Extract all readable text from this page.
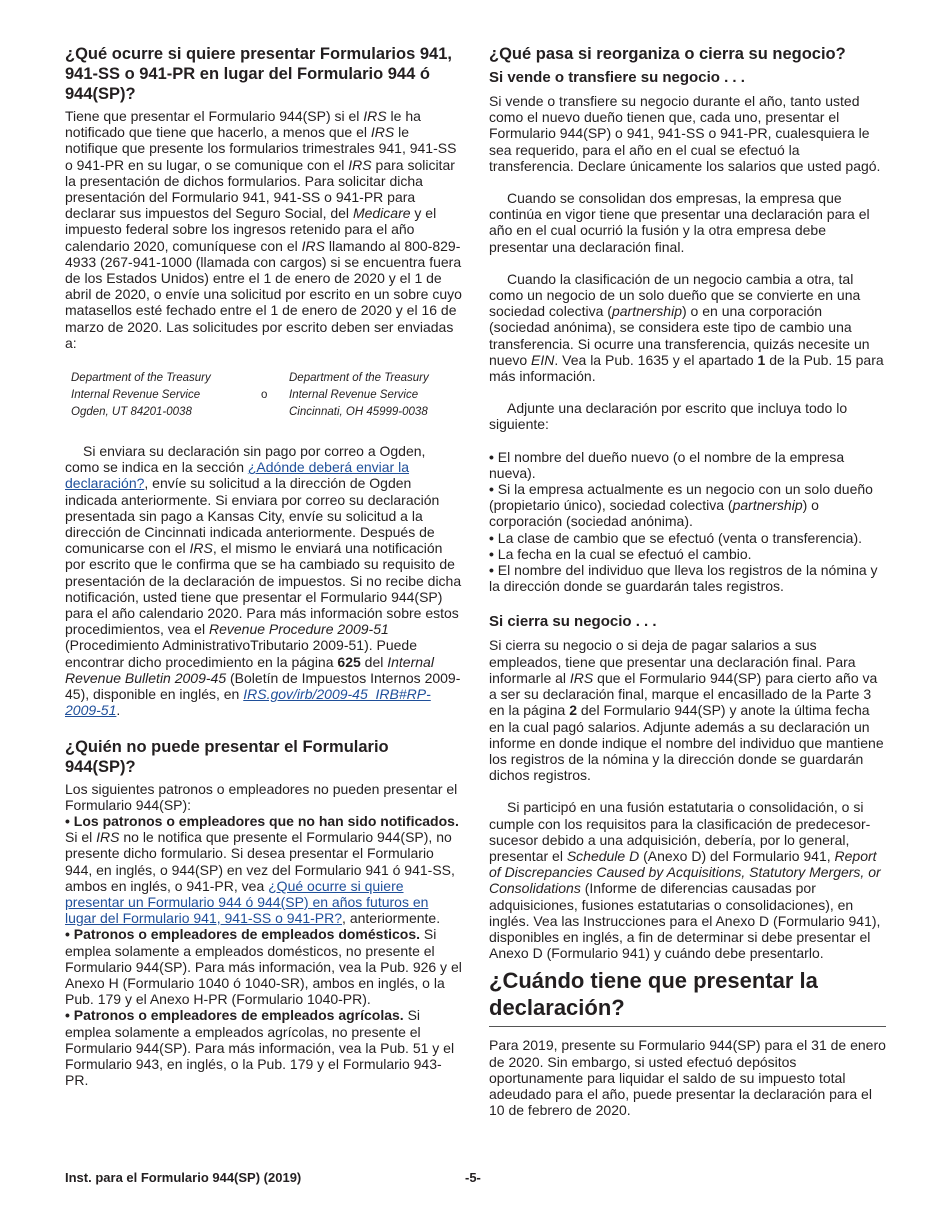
¿Qué ocurre si quiere presentar Formularios 941, 941-SS o 941-PR en lugar del Formulario 944 ó 944(SP)?

Tiene que presentar el Formulario 944(SP) si el IRS le ha notificado que tiene que hacerlo, a menos que el IRS le notifique que presente los formularios trimestrales 941, 941-SS o 941-PR en su lugar, o se comunique con el IRS para solicitar la presentación de dichos formularios. Para solicitar dicha presentación del Formulario 941, 941-SS o 941-PR para declarar sus impuestos del Seguro Social, del Medicare y el impuesto federal sobre los ingresos retenido para el año calendario 2020, comuníquese con el IRS llamando al 800-829-4933 (267-941-1000 (llamada con cargos) si se encuentra fuera de los Estados Unidos) entre el 1 de enero de 2020 y el 1 de abril de 2020, o envíe una solicitud por escrito en un sobre cuyo matasellos esté fechado entre el 1 de enero de 2020 y el 16 de marzo de 2020. Las solicitudes por escrito deben ser enviadas a:

Department of the Treasury
Internal Revenue Service
Ogden, UT 84201-0038
o
Department of the Treasury
Internal Revenue Service
Cincinnati, OH 45999-0038

Si enviara su declaración sin pago por correo a Ogden, como se indica en la sección ¿Adónde deberá enviar la declaración?, envíe su solicitud a la dirección de Ogden indicada anteriormente. Si enviara por correo su declaración presentada sin pago a Kansas City, envíe su solicitud a la dirección de Cincinnati indicada anteriormente. Después de comunicarse con el IRS, el mismo le enviará una notificación por escrito que le confirma que se ha cambiado su requisito de presentación de la declaración de impuestos. Si no recibe dicha notificación, usted tiene que presentar el Formulario 944(SP) para el año calendario 2020. Para más información sobre estos procedimientos, vea el Revenue Procedure 2009-51 (Procedimiento AdministrativoTributario 2009-51). Puede encontrar dicho procedimiento en la página 625 del Internal Revenue Bulletin 2009-45 (Boletín de Impuestos Internos 2009-45), disponible en inglés, en IRS.gov/irb/2009-45_IRB#RP-2009-51.

¿Quién no puede presentar el Formulario 944(SP)?

Los siguientes patronos o empleadores no pueden presentar el Formulario 944(SP):

• Los patronos o empleadores que no han sido notificados. Si el IRS no le notifica que presente el Formulario 944(SP), no presente dicho formulario. Si desea presentar el Formulario 944, en inglés, o 944(SP) en vez del Formulario 941 ó 941-SS, ambos en inglés, o 941-PR, vea ¿Qué ocurre si quiere presentar un Formulario 944 ó 944(SP) en años futuros en lugar del Formulario 941, 941-SS o 941-PR?, anteriormente.

• Patronos o empleadores de empleados domésticos. Si emplea solamente a empleados domésticos, no presente el Formulario 944(SP). Para más información, vea la Pub. 926 y el Anexo H (Formulario 1040 ó 1040-SR), ambos en inglés, o la Pub. 179 y el Anexo H-PR (Formulario 1040-PR).

• Patronos o empleadores de empleados agrícolas. Si emplea solamente a empleados agrícolas, no presente el Formulario 944(SP). Para más información, vea la Pub. 51 y el Formulario 943, en inglés, o la Pub. 179 y el Formulario 943-PR.

¿Qué pasa si reorganiza o cierra su negocio?
Si vende o transfiere su negocio . . .

Si vende o transfiere su negocio durante el año, tanto usted como el nuevo dueño tienen que, cada uno, presentar el Formulario 944(SP) o 941, 941-SS o 941-PR, cualesquiera le sea requerido, para el año en el cual se efectuó la transferencia. Declare únicamente los salarios que usted pagó.

Cuando se consolidan dos empresas, la empresa que continúa en vigor tiene que presentar una declaración para el año en el cual ocurrió la fusión y la otra empresa debe presentar una declaración final.

Cuando la clasificación de un negocio cambia a otra, tal como un negocio de un solo dueño que se convierte en una sociedad colectiva (partnership) o en una corporación (sociedad anónima), se considera este tipo de cambio una transferencia. Si ocurre una transferencia, quizás necesite un nuevo EIN. Vea la Pub. 1635 y el apartado 1 de la Pub. 15 para más información.

Adjunte una declaración por escrito que incluya todo lo siguiente:

• El nombre del dueño nuevo (o el nombre de la empresa nueva).

• Si la empresa actualmente es un negocio con un solo dueño (propietario único), sociedad colectiva (partnership) o corporación (sociedad anónima).

• La clase de cambio que se efectuó (venta o transferencia).

• La fecha en la cual se efectuó el cambio.

• El nombre del individuo que lleva los registros de la nómina y la dirección donde se guardarán tales registros.

Si cierra su negocio . . .

Si cierra su negocio o si deja de pagar salarios a sus empleados, tiene que presentar una declaración final. Para informarle al IRS que el Formulario 944(SP) para cierto año va a ser su declaración final, marque el encasillado de la Parte 3 en la página 2 del Formulario 944(SP) y anote la última fecha en la cual pagó salarios. Adjunte además a su declaración un informe en donde indique el nombre del individuo que mantiene los registros de la nómina y la dirección donde se guardarán dichos registros.

Si participó en una fusión estatutaria o consolidación, o si cumple con los requisitos para la clasificación de predecesor-sucesor debido a una adquisición, debería, por lo general, presentar el Schedule D (Anexo D) del Formulario 941, Report of Discrepancies Caused by Acquisitions, Statutory Mergers, or Consolidations (Informe de diferencias causadas por adquisiciones, fusiones estatutarias o consolidaciones), en inglés. Vea las Instrucciones para el Anexo D (Formulario 941), disponibles en inglés, a fin de determinar si debe presentar el Anexo D (Formulario 941) y cuándo debe presentarlo.

¿Cuándo tiene que presentar la declaración?

Para 2019, presente su Formulario 944(SP) para el 31 de enero de 2020. Sin embargo, si usted efectuó depósitos oportunamente para liquidar el saldo de su impuesto total adeudado para el año, puede presentar la declaración para el 10 de febrero de 2020.

Inst. para el Formulario 944(SP) (2019)	-5-
